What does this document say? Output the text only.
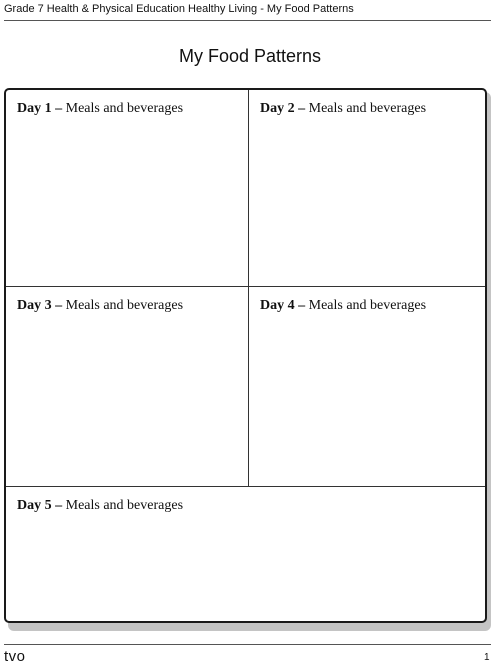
Grade 7 Health & Physical Education Healthy Living - My Food Patterns
My Food Patterns
Day 1 – Meals and beverages	Day 2 – Meals and beverages
Day 3 – Meals and beverages	Day 4 – Meals and beverages
Day 5 – Meals and beverages
tvo	1
